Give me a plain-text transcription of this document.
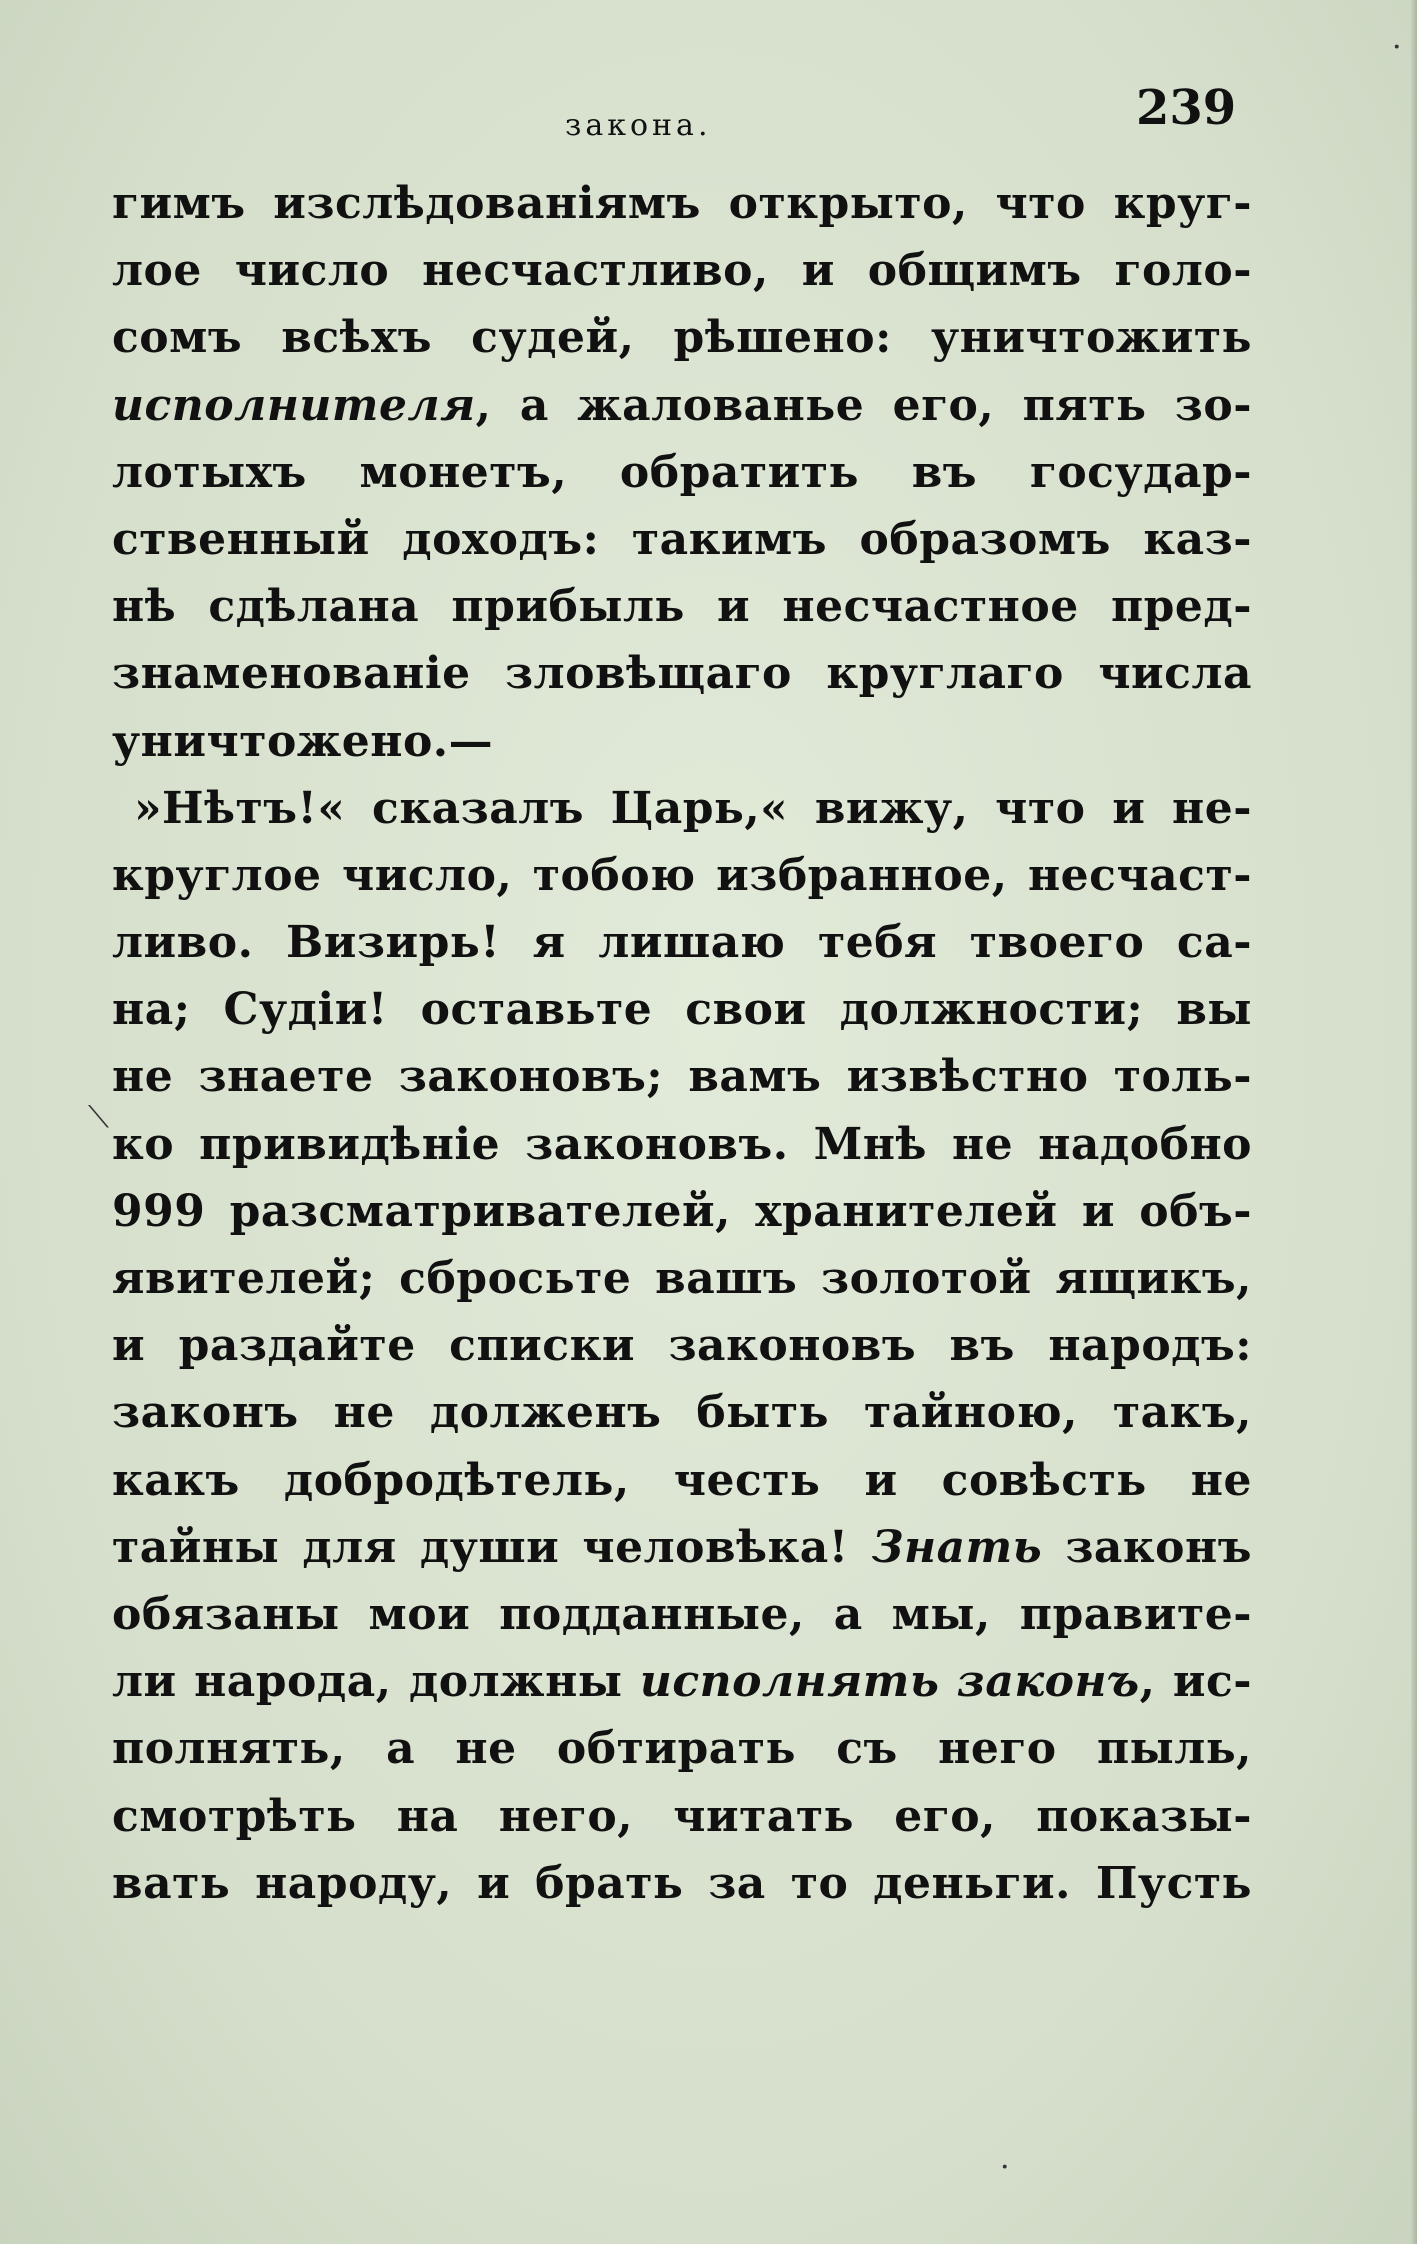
закона.	239
гимъ изслѣдованіямъ открыто, что круг-
лое число несчастливо, и общимъ голо-
сомъ всѣхъ судей, рѣшено: уничтожить
исполнителя, а жалованье его, пять зо-
лотыхъ монетъ, обратить въ государ-
ственный доходъ: такимъ образомъ каз-
нѣ сдѣлана прибыль и несчастное пред-
знаменованіе зловѣщаго круглаго числа
уничтожено.—
»Нѣтъ!« сказалъ Царь,« вижу, что и не-
круглое число, тобою избранное, несчаст-
ливо. Визирь! я лишаю тебя твоего са-
на; Судіи! оставьте свои должности; вы
не знаете законовъ; вамъ извѣстно толь-
ко привидѣніе законовъ. Мнѣ не надобно
999 разсматривателей, хранителей и объ-
явителей; сбросьте вашъ золотой ящикъ,
и раздайте списки законовъ въ народъ:
законъ не долженъ быть тайною, такъ,
какъ добродѣтель, честь и совѣсть не
тайны для души человѣка! Знать законъ
обязаны мои подданные, а мы, правите-
ли народа, должны исполнять законъ, ис-
полнять, а не обтирать съ него пыль,
смотрѣть на него, читать его, показы-
вать народу, и брать за то деньги. Пусть
⟍
·
·
